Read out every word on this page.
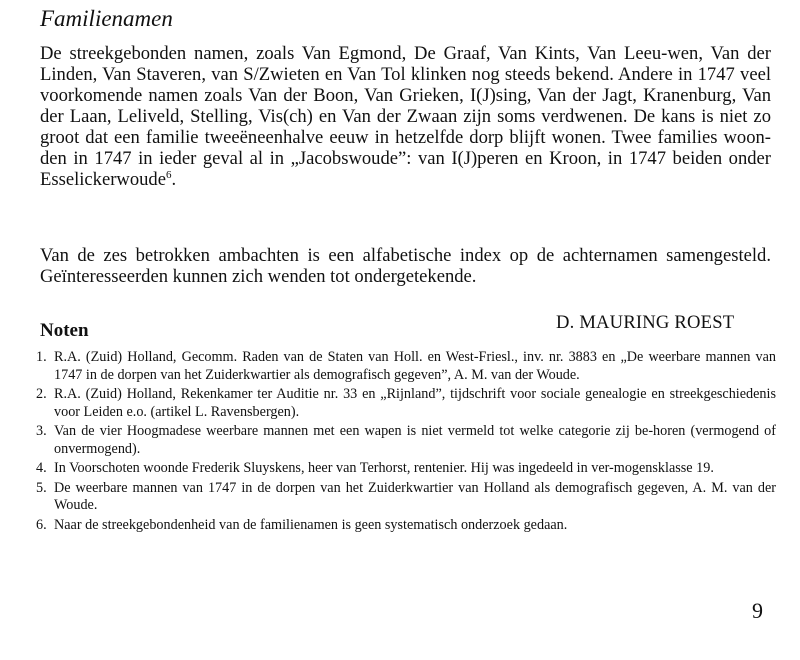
Familienamen

De streekgebonden namen, zoals Van Egmond, De Graaf, Van Kints, Van Leeu-wen, Van der Linden, Van Staveren, van S/Zwieten en Van Tol klinken nog steeds bekend. Andere in 1747 veel voorkomende namen zoals Van der Boon, Van Grieken, I(J)sing, Van der Jagt, Kranenburg, Van der Laan, Leliveld, Stelling, Vis(ch) en Van der Zwaan zijn soms verdwenen. De kans is niet zo groot dat een familie tweeëneenhalve eeuw in hetzelfde dorp blijft wonen. Twee families woon-den in 1747 in ieder geval al in „Jacobswoude”: van I(J)peren en Kroon, in 1747 beiden onder Esselickerwoude$^6$.

Van de zes betrokken ambachten is een alfabetische index op de achternamen samengesteld. Geïnteresseerden kunnen zich wenden tot ondergetekende.

Noten	D. MAURING ROEST

1. R.A. (Zuid) Holland, Gecomm. Raden van de Staten van Holl. en West-Friesl., inv. nr. 3883 en „De weerbare mannen van 1747 in de dorpen van het Zuiderkwartier als demografisch gegeven”, A. M. van der Woude.
2. R.A. (Zuid) Holland, Rekenkamer ter Auditie nr. 33 en „Rijnland”, tijdschrift voor sociale genealogie en streekgeschiedenis voor Leiden e.o. (artikel L. Ravensbergen).
3. Van de vier Hoogmadese weerbare mannen met een wapen is niet vermeld tot welke categorie zij be-horen (vermogend of onvermogend).
4. In Voorschoten woonde Frederik Sluyskens, heer van Terhorst, rentenier. Hij was ingedeeld in ver-mogensklasse 19.
5. De weerbare mannen van 1747 in de dorpen van het Zuiderkwartier van Holland als demografisch gegeven, A. M. van der Woude.
6. Naar de streekgebondenheid van de familienamen is geen systematisch onderzoek gedaan.

9
